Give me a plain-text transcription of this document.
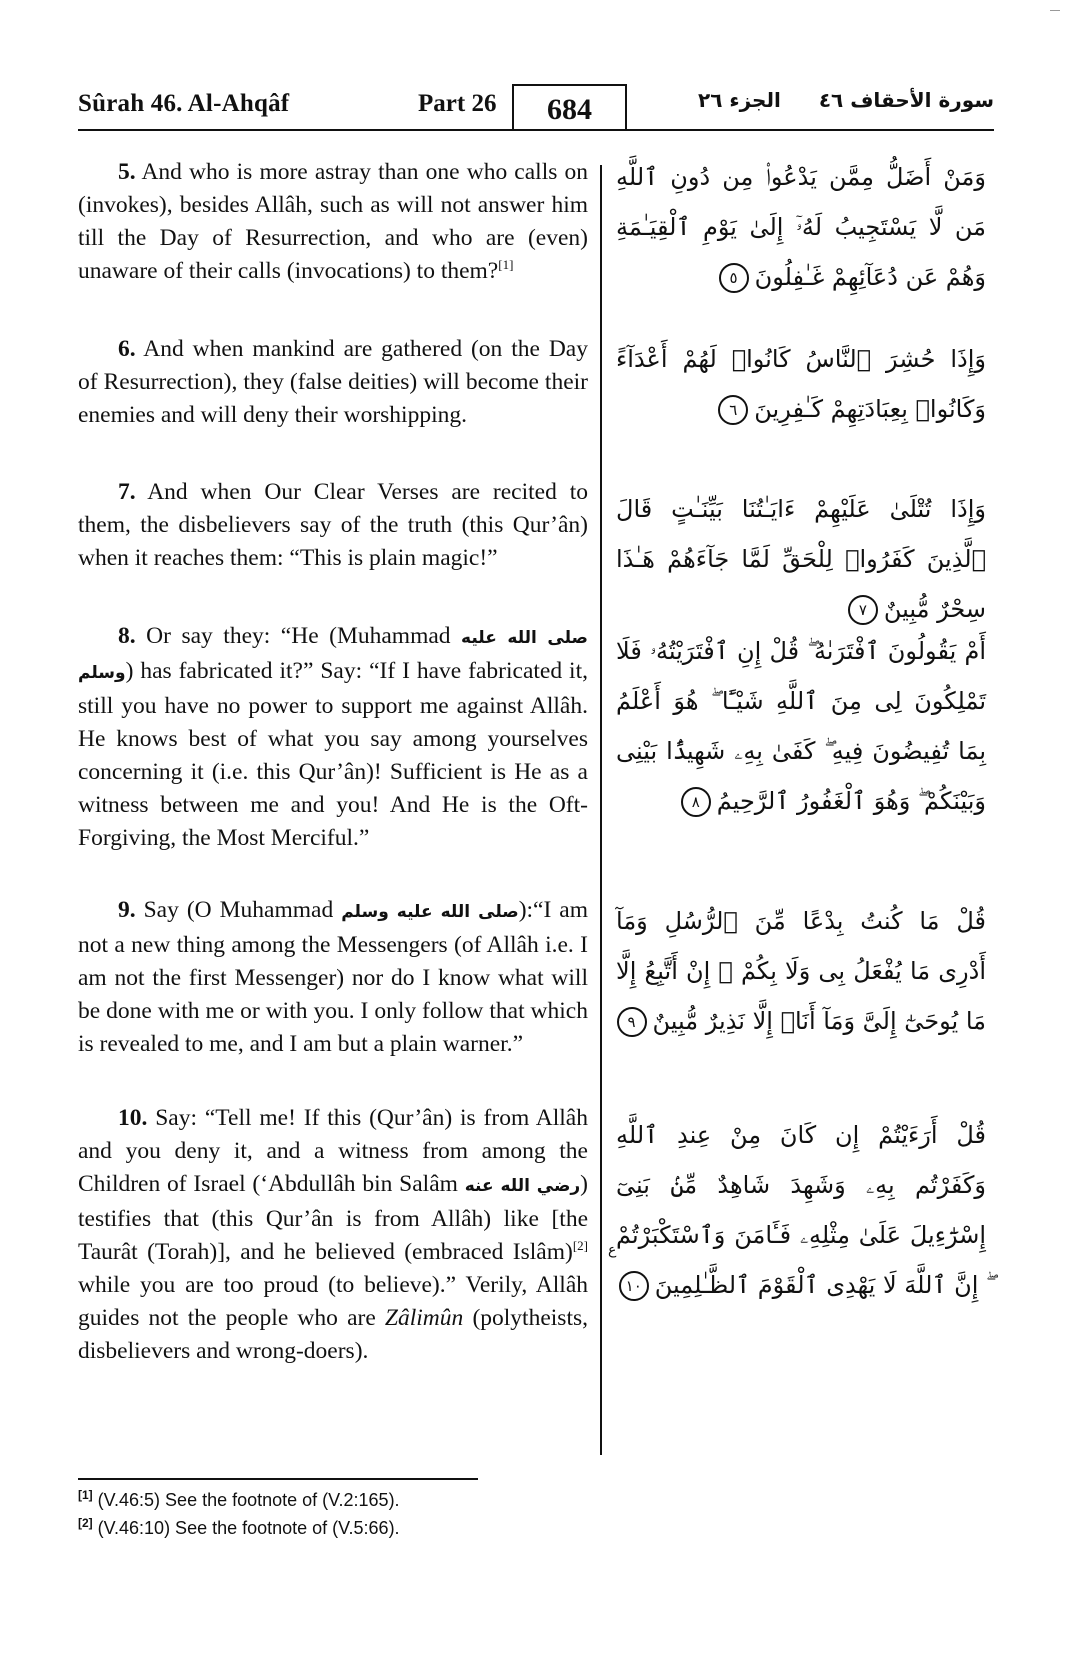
Sûrah 46. Al-Ahqâf	Part 26	684	الجزء ٢٦ سورة الأحقاف ٤٦

5. And who is more astray than one who calls on (invokes), besides Allâh, such as will not answer him till the Day of Resurrection, and who are (even) unaware of their calls (invocations) to them?[1]

6. And when mankind are gathered (on the Day of Resurrection), they (false deities) will become their enemies and will deny their worshipping.

7. And when Our Clear Verses are recited to them, the disbelievers say of the truth (this Qur’ân) when it reaches them: “This is plain magic!”

8. Or say they: “He (Muhammad صلى الله عليه وسلم) has fabricated it?” Say: “If I have fabricated it, still you have no power to support me against Allâh. He knows best of what you say among yourselves concerning it (i.e. this Qur’ân)! Sufficient is He as a witness between me and you! And He is the Oft-Forgiving, the Most Merciful.”

9. Say (O Muhammad صلى الله عليه وسلم):“I am not a new thing among the Messengers (of Allâh i.e. I am not the first Messenger) nor do I know what will be done with me or with you. I only follow that which is revealed to me, and I am but a plain warner.”

10. Say: “Tell me! If this (Qur’ân) is from Allâh and you deny it, and a witness from among the Children of Israel (‘Abdullâh bin Salâm رضي الله عنه) testifies that (this Qur’ân is from Allâh) like [the Taurât (Torah)], and he believed (embraced Islâm)[2] while you are too proud (to believe).” Verily, Allâh guides not the people who are Zâlimûn (polytheists, disbelievers and wrong-doers).

وَمَنْ أَضَلُّ مِمَّن يَدْعُوا۟ مِن دُونِ ٱللَّهِ مَن لَّا يَسْتَجِيبُ لَهُۥٓ إِلَىٰ يَوْمِ ٱلْقِيَـٰمَةِ وَهُمْ عَن دُعَآئِهِمْ غَـٰفِلُونَ٥

وَإِذَا حُشِرَ ٱلنَّاسُ كَانُوا۟ لَهُمْ أَعْدَآءً وَكَانُوا۟ بِعِبَادَتِهِمْ كَـٰفِرِينَ٦

وَإِذَا تُتْلَىٰ عَلَيْهِمْ ءَايَـٰتُنَا بَيِّنَـٰتٍ قَالَ ٱلَّذِينَ كَفَرُوا۟ لِلْحَقِّ لَمَّا جَآءَهُمْ هَـٰذَا سِحْرٌ مُّبِينٌ٧

أَمْ يَقُولُونَ ٱفْتَرَىٰهُ ۖ قُلْ إِنِ ٱفْتَرَيْتُهُۥ فَلَا تَمْلِكُونَ لِى مِنَ ٱللَّهِ شَيْـًٔا ۖ هُوَ أَعْلَمُ بِمَا تُفِيضُونَ فِيهِ ۖ كَفَىٰ بِهِۦ شَهِيدًۢا بَيْنِى وَبَيْنَكُمْ ۖ وَهُوَ ٱلْغَفُورُ ٱلرَّحِيمُ٨

قُلْ مَا كُنتُ بِدْعًا مِّنَ ٱلرُّسُلِ وَمَآ أَدْرِى مَا يُفْعَلُ بِى وَلَا بِكُمْ ۖ إِنْ أَتَّبِعُ إِلَّا مَا يُوحَىٰٓ إِلَىَّ وَمَآ أَنَا۠ إِلَّا نَذِيرٌ مُّبِينٌ٩

قُلْ أَرَءَيْتُمْ إِن كَانَ مِنْ عِندِ ٱللَّهِ وَكَفَرْتُم بِهِۦ وَشَهِدَ شَاهِدٌ مِّنۢ بَنِىٓ إِسْرَٰٓءِيلَ عَلَىٰ مِثْلِهِۦ فَـَٔامَنَ وَٱسْتَكْبَرْتُمْ ۖ إِنَّ ٱللَّهَ لَا يَهْدِى ٱلْقَوْمَ ٱلظَّـٰلِمِينَ١٠

ع
[1] (V.46:5) See the footnote of (V.2:165).
[2] (V.46:10) See the footnote of (V.5:66).
